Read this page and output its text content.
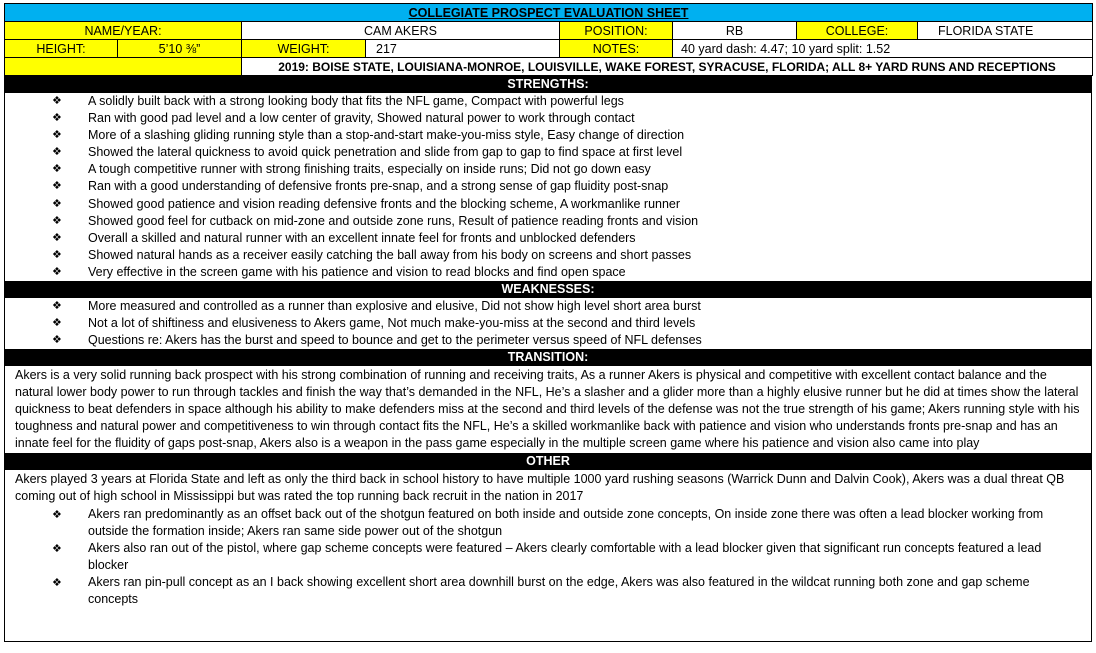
COLLEGIATE PROSPECT EVALUATION SHEET							
NAME/YEAR:		CAM AKERS		POSITION:	RB	COLLEGE:	FLORIDA STATE
HEIGHT:	5’10 ⅜”	WEIGHT:	217	NOTES:	40 yard dash: 4.47; 10 yard split: 1.52		
		2019: BOISE STATE, LOUISIANA-MONROE, LOUISVILLE, WAKE FOREST, SYRACUSE, FLORIDA; ALL 8+ YARD RUNS AND RECEPTIONS					
STRENGTHS:
❖ A solidly built back with a strong looking body that fits the NFL game, Compact with powerful legs
❖ Ran with good pad level and a low center of gravity, Showed natural power to work through contact
❖ More of a slashing gliding running style than a stop-and-start make-you-miss style, Easy change of direction
❖ Showed the lateral quickness to avoid quick penetration and slide from gap to gap to find space at first level
❖ A tough competitive runner with strong finishing traits, especially on inside runs; Did not go down easy
❖ Ran with a good understanding of defensive fronts pre-snap, and a strong sense of gap fluidity post-snap
❖ Showed good patience and vision reading defensive fronts and the blocking scheme, A workmanlike runner
❖ Showed good feel for cutback on mid-zone and outside zone runs, Result of patience reading fronts and vision
❖ Overall a skilled and natural runner with an excellent innate feel for fronts and unblocked defenders
❖ Showed natural hands as a receiver easily catching the ball away from his body on screens and short passes
❖ Very effective in the screen game with his patience and vision to read blocks and find open space
WEAKNESSES:
❖ More measured and controlled as a runner than explosive and elusive, Did not show high level short area burst
❖ Not a lot of shiftiness and elusiveness to Akers game, Not much make-you-miss at the second and third levels
❖ Questions re: Akers has the burst and speed to bounce and get to the perimeter versus speed of NFL defenses
TRANSITION:

Akers is a very solid running back prospect with his strong combination of running and receiving traits, As a runner Akers is physical and competitive with excellent contact balance and the natural lower body power to run through tackles and finish the way that’s demanded in the NFL, He’s a slasher and a glider more than a highly elusive runner but he did at times show the lateral quickness to beat defenders in space although his ability to make defenders miss at the second and third levels of the defense was not the true strength of his game; Akers running style with his toughness and natural power and competitiveness to win through contact fits the NFL, He’s a skilled workmanlike back with patience and vision who understands fronts pre-snap and has an innate feel for the fluidity of gaps post-snap, Akers also is a weapon in the pass game especially in the multiple screen game where his patience and vision also came into play

OTHER

Akers played 3 years at Florida State and left as only the third back in school history to have multiple 1000 yard rushing seasons (Warrick Dunn and Dalvin Cook), Akers was a dual threat QB coming out of high school in Mississippi but was rated the top running back recruit in the nation in 2017

• ❖ Akers ran predominantly as an offset back out of the shotgun featured on both inside and outside zone concepts, On inside zone there was often a lead blocker working from outside the formation inside; Akers ran same side power out of the shotgun
• ❖ Akers also ran out of the pistol, where gap scheme concepts were featured – Akers clearly comfortable with a lead blocker given that significant run concepts featured a lead blocker
• ❖ Akers ran pin-pull concept as an I back showing excellent short area downhill burst on the edge, Akers was also featured in the wildcat running both zone and gap scheme concepts
